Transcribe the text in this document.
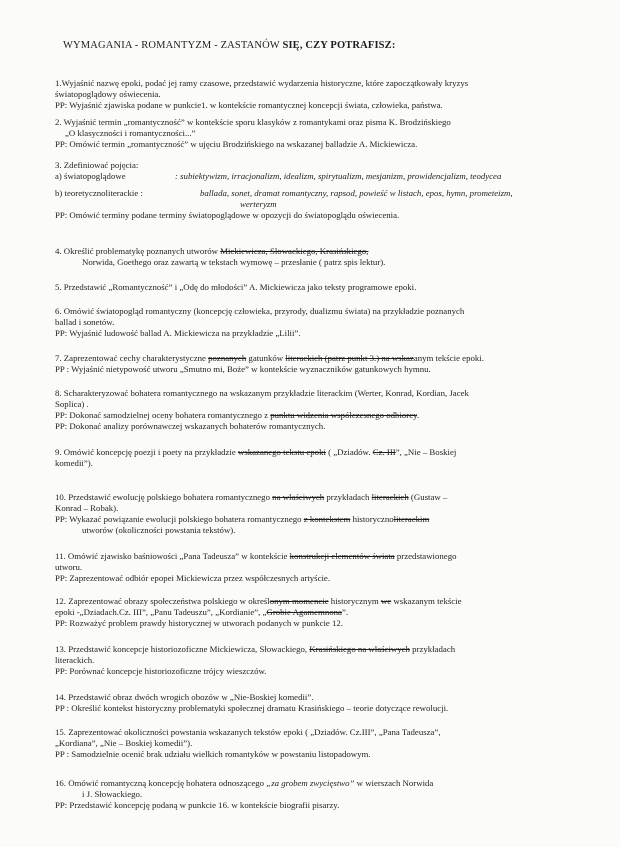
WYMAGANIA - ROMANTYZM - ZASTANÓW SIĘ, CZY POTRAFISZ:
1.Wyjaśnić nazwę epoki, podać jej ramy czasowe, przedstawić wydarzenia historyczne, które zapoczątkowały kryzys
światopoglądowy oświecenia.
PP: Wyjaśnić zjawiska podane w punkcie1. w kontekście romantycznej koncepcji świata, człowieka, państwa.
2. Wyjaśnić termin „romantyczność” w kontekście sporu klasyków z romantykami oraz pisma K. Brodzińskiego
„O klasyczności i romantyczności...”
PP: Omówić termin „romantyczność” w ujęciu Brodzińskiego na wskazanej balladzie A. Mickiewicza.
3. Zdefiniować pojęcia:
a) światopoglądowe	: subiektywizm, irracjonalizm, idealizm, spirytualizm, mesjanizm, prowidencjalizm, teodycea
b) teoretycznoliterackie :	ballada, sonet, dramat romantyczny, rapsod, powieść w listach, epos, hymn, prometeizm,
werteryzm
PP: Omówić terminy podane terminy światopoglądowe w opozycji do światopoglądu oświecenia.
4. Określić problematykę poznanych utworów Mickiewicza, Słowackiego, Krasińskiego,
Norwida, Goethego oraz zawartą w tekstach wymowę – przesłanie ( patrz spis lektur).
5. Przedstawić „Romantyczność” i „Odę do młodości” A. Mickiewicza jako teksty programowe epoki.
6. Omówić światopogląd romantyczny (koncepcję człowieka, przyrody, dualizmu świata) na przykładzie poznanych
ballad i sonetów.
PP: Wyjaśnić ludowość ballad A. Mickiewicza na przykładzie „Lilii”.
7. Zaprezentować cechy charakterystyczne poznanych gatunków literackich (patrz punkt 3.) na wskazanym tekście epoki.
PP : Wyjaśnić nietypowość utworu „Smutno mi, Boże” w kontekście wyznaczników gatunkowych hymnu.
8. Scharakteryzować bohatera romantycznego na wskazanym przykładzie literackim (Werter, Konrad, Kordian, Jacek
Soplica) .
PP: Dokonać samodzielnej oceny bohatera romantycznego z punktu widzenia współczesnego odbiorcy.
PP: Dokonać analizy porównawczej wskazanych bohaterów romantycznych.
9. Omówić koncepcję poezji i poety na przykładzie wskazanego tekstu epoki ( „Dziadów. Cz. III”, „Nie – Boskiej
komedii”).
10. Przedstawić ewolucję polskiego bohatera romantycznego na właściwych przykładach literackich (Gustaw –
Konrad – Robak).
PP: Wykazać powiązanie ewolucji polskiego bohatera romantycznego z kontekstem historycznoliterackim
utworów (okoliczności powstania tekstów).
11. Omówić zjawisko baśniowości „Pana Tadeusza” w kontekście konstrukcji elementów świata przedstawionego
utworu.
PP: Zaprezentować odbiór epopei Mickiewicza przez współczesnych artyście.
12. Zaprezentować obrazy społeczeństwa polskiego w określonym momencie historycznym we wskazanym tekście
epoki -„Dziadach.Cz. III”, „Panu Tadeuszu”, „Kordianie”, „Grobie Agamemnona”.
PP: Rozważyć problem prawdy historycznej w utworach podanych w punkcie 12.
13. Przedstawić koncepcje historiozoficzne Mickiewicza, Słowackiego, Krasińskiego na właściwych przykładach
literackich.
PP: Porównać koncepcje historiozoficzne trójcy wieszczów.
14. Przedstawić obraz dwóch wrogich obozów w „Nie-Boskiej komedii”.
PP : Określić kontekst historyczny problematyki społecznej dramatu Krasińskiego – teorie dotyczące rewolucji.
15. Zaprezentować okoliczności powstania wskazanych tekstów epoki ( „Dziadów. Cz.III”, „Pana Tadeusza”,
„Kordiana”, „Nie – Boskiej komedii”).
PP : Samodzielnie ocenić brak udziału wielkich romantyków w powstaniu listopadowym.
16. Omówić romantyczną koncepcję bohatera odnoszącego „za grobem zwycięstwo” w wierszach Norwida
i J. Słowackiego.
PP: Przedstawić koncepcję podaną w punkcie 16. w kontekście biografii pisarzy.
